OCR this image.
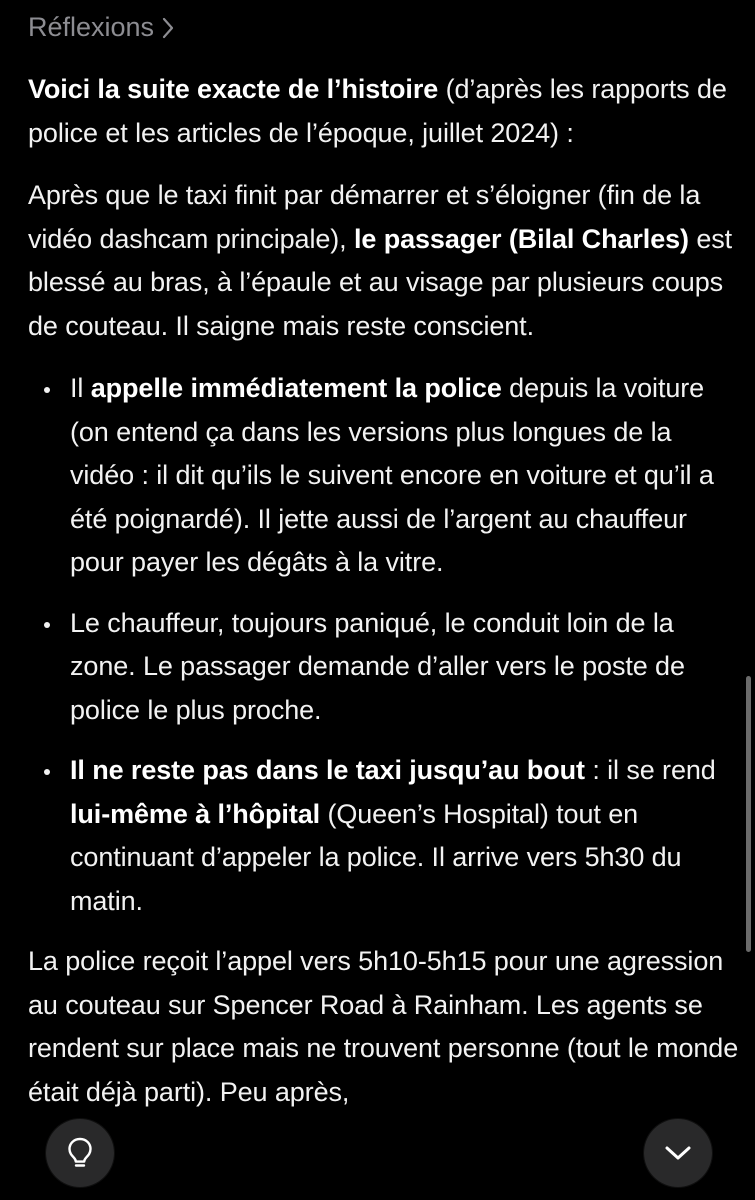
Réflexions

Voici la suite exacte de l’histoire (d’après les rapports de police et les articles de l’époque, juillet 2024) :

Après que le taxi finit par démarrer et s’éloigner (fin de la vidéo dashcam principale), le passager (Bilal Charles) est blessé au bras, à l’épaule et au visage par plusieurs coups de couteau. Il saigne mais reste conscient.

Il appelle immédiatement la police depuis la voiture (on entend ça dans les versions plus longues de la vidéo : il dit qu’ils le suivent encore en voiture et qu’il a été poignardé). Il jette aussi de l’argent au chauffeur pour payer les dégâts à la vitre.
Le chauffeur, toujours paniqué, le conduit loin de la zone. Le passager demande d’aller vers le poste de police le plus proche.
Il ne reste pas dans le taxi jusqu’au bout : il se rend lui-même à l’hôpital (Queen’s Hospital) tout en continuant d’appeler la police. Il arrive vers 5h30 du matin.

La police reçoit l’appel vers 5h10-5h15 pour une agression au couteau sur Spencer Road à Rainham. Les agents se rendent sur place mais ne trouvent personne (tout le monde était déjà parti). Peu après,
